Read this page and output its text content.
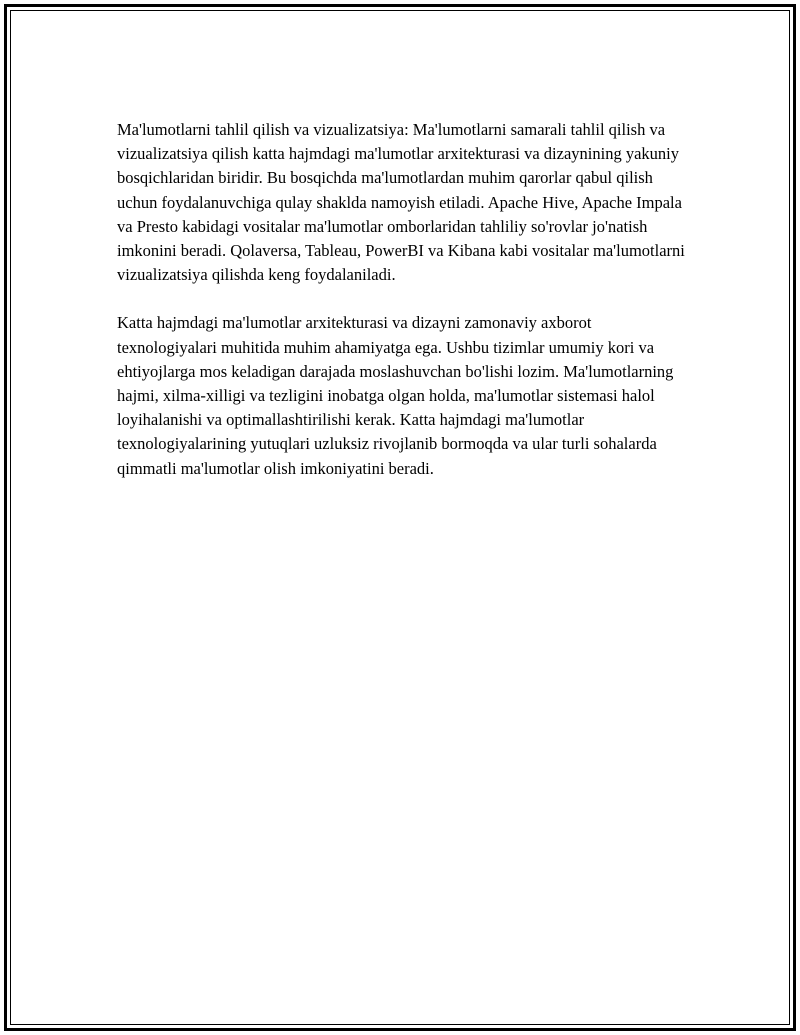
Ma'lumotlarni tahlil qilish va vizualizatsiya: Ma'lumotlarni samarali tahlil qilish va vizualizatsiya qilish katta hajmdagi ma'lumotlar arxitekturasi va dizaynining yakuniy bosqichlaridan biridir. Bu bosqichda ma'lumotlardan muhim qarorlar qabul qilish uchun foydalanuvchiga qulay shaklda namoyish etiladi. Apache Hive, Apache Impala va Presto kabidagi vositalar ma'lumotlar omborlaridan tahliliy so'rovlar jo'natish imkonini beradi. Qolaversa, Tableau, PowerBI va Kibana kabi vositalar ma'lumotlarni vizualizatsiya qilishda keng foydalaniladi.

Katta hajmdagi ma'lumotlar arxitekturasi va dizayni zamonaviy axborot texnologiyalari muhitida muhim ahamiyatga ega. Ushbu tizimlar umumiy kori va ehtiyojlarga mos keladigan darajada moslashuvchan bo'lishi lozim. Ma'lumotlarning hajmi, xilma-xilligi va tezligini inobatga olgan holda, ma'lumotlar sistemasi halol loyihalanishi va optimallashtirilishi kerak. Katta hajmdagi ma'lumotlar texnologiyalarining yutuqlari uzluksiz rivojlanib bormoqda va ular turli sohalarda qimmatli ma'lumotlar olish imkoniyatini beradi.
